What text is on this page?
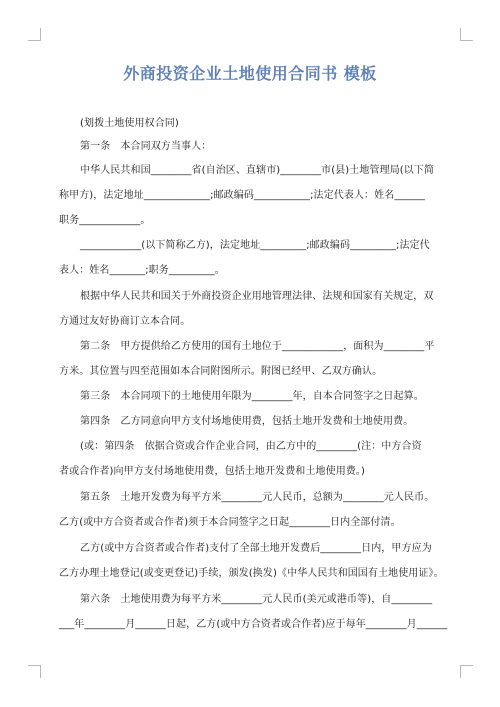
外商投资企业土地使用合同书 模板
(划拨土地使用权合同)
第一条　本合同双方当事人：
中华人民共和国________省(自治区、直辖市)________市(县)土地管理局(以下简
称甲方)，法定地址_____________;邮政编码___________;法定代表人：姓名______
职务____________。
____________(以下简称乙方)，法定地址_________;邮政编码_________;法定代
表人：姓名_______;职务_________。
根据中华人民共和国关于外商投资企业用地管理法律、法规和国家有关规定，双
方通过友好协商订立本合同。
第二条　甲方提供给乙方使用的国有土地位于____________，面积为________平
方米。其位置与四至范围如本合同附图所示。附图已经甲、乙双方确认。
第三条　本合同项下的土地使用年限为________年，自本合同签字之日起算。
第四条　乙方同意向甲方支付场地使用费，包括土地开发费和土地使用费。
(或：第四条　依据合资或合作企业合同，由乙方中的________(注：中方合资
者或合作者)向甲方支付场地使用费，包括土地开发费和土地使用费。)
第五条　土地开发费为每平方米________元人民币，总额为________元人民币。
乙方(或中方合资者或合作者)须于本合同签字之日起________日内全部付清。
乙方(或中方合资者或合作者)支付了全部土地开发费后________日内，甲方应为
乙方办理土地登记(或变更登记)手续，颁发(换发)《中华人民共和国国有土地使用证》。
第六条　土地使用费为每平方米________元人民币(美元或港币等)，自________
___年________月______日起，乙方(或中方合资者或合作者)应于每年________月______
